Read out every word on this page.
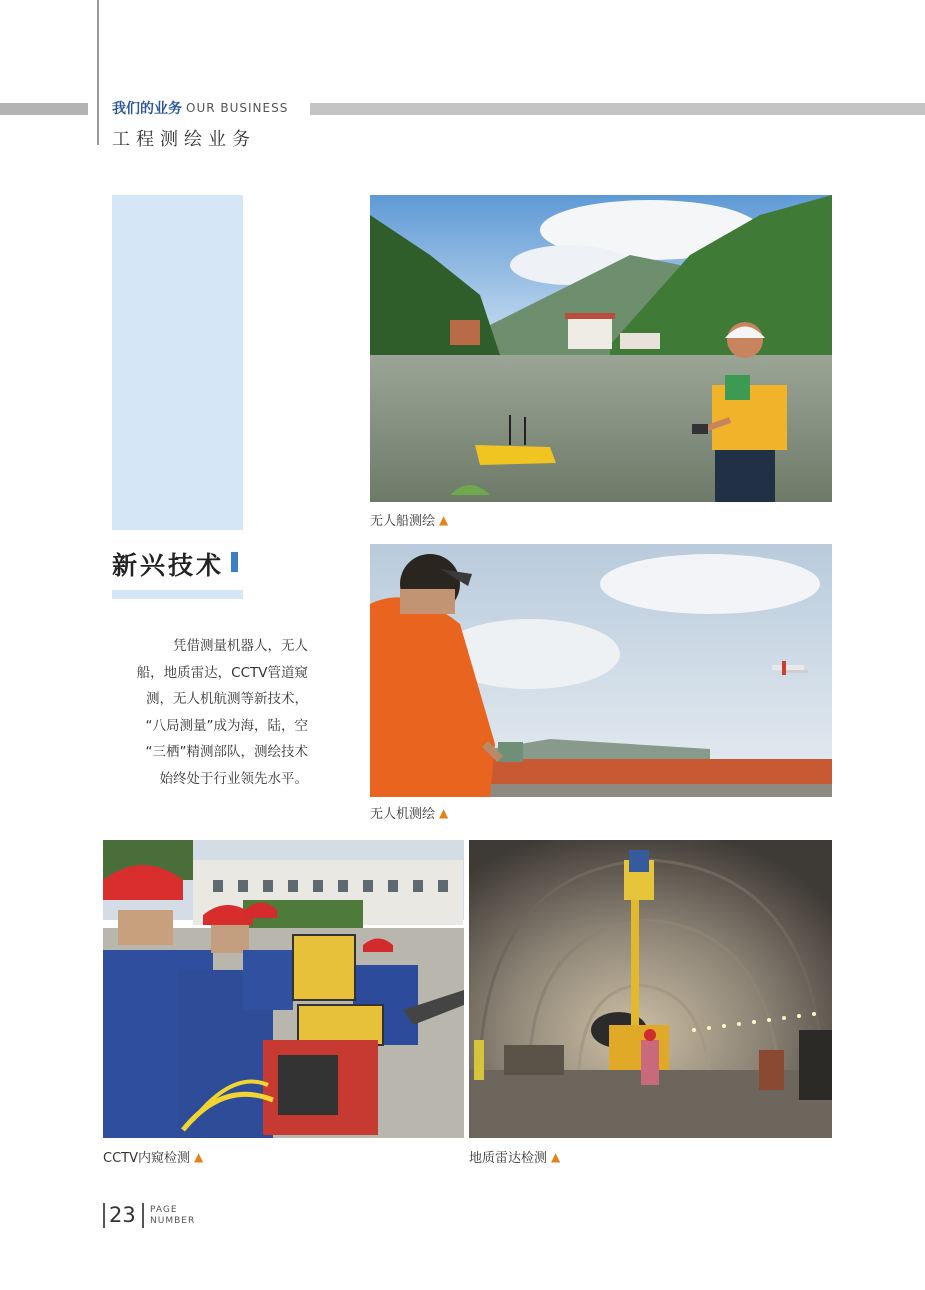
我们的业务 OUR BUSINESS
工程测绘业务
新兴技术

凭借测量机器人，无人

船，地质雷达，CCTV管道窥

测，无人机航测等新技术，

“八局测量”成为海，陆，空

“三栖”精测部队，测绘技术

始终处于行业领先水平。

无人船测绘 ▲
无人机测绘 ▲
CCTV内窥检测 ▲	地质雷达检测 ▲
23 PAGE
NUMBER
